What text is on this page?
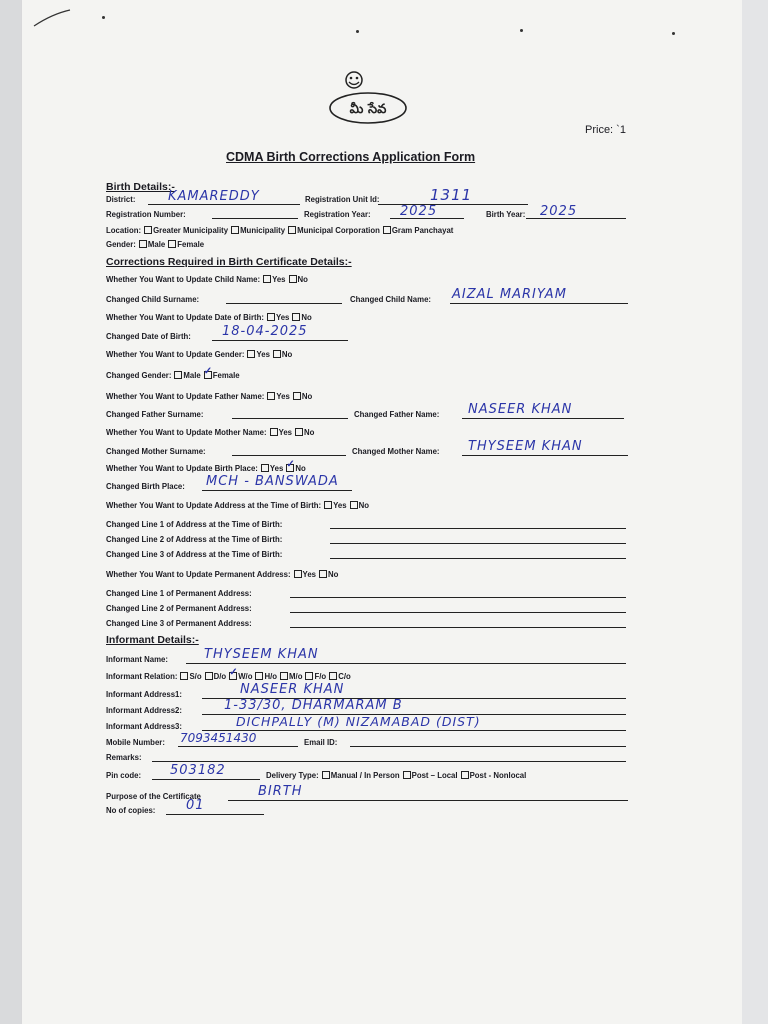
మీ సేవ
Price: `1
CDMA Birth Corrections Application Form
Birth Details:-
District:	KAMAREDDY	Registration Unit Id:	1311
Registration Number:	Registration Year: 2025	Birth Year: 2025
Location: Greater Municipality Municipality Municipal Corporation Gram Panchayat
Gender: Male Female
Corrections Required in Birth Certificate Details:-
Whether You Want to Update Child Name: Yes No
Changed Child Surname:	Changed Child Name: AIZAL MARIYAM
Whether You Want to Update Date of Birth: Yes No
Changed Date of Birth: 18-04-2025
Whether You Want to Update Gender: Yes No
Changed Gender: Male ✓ Female
Whether You Want to Update Father Name: Yes No
Changed Father Surname:	Changed Father Name: NASEER KHAN
Whether You Want to Update Mother Name: Yes No
Changed Mother Surname:	Changed Mother Name: THYSEEM KHAN
Whether You Want to Update Birth Place: Yes ✓ No
Changed Birth Place: MCH - BANSWADA
Whether You Want to Update Address at the Time of Birth: Yes No
Changed Line 1 of Address at the Time of Birth:
Changed Line 2 of Address at the Time of Birth:
Changed Line 3 of Address at the Time of Birth:
Whether You Want to Update Permanent Address: Yes No
Changed Line 1 of Permanent Address:
Changed Line 2 of Permanent Address:
Changed Line 3 of Permanent Address:
Informant Details:-
Informant Name:	THYSEEM KHAN
Informant Relation: S/o D/o ✓ W/o H/o M/o F/o C/o
Informant Address1:	NASEER KHAN
Informant Address2:	1-33/30, DHARMARAM B
Informant Address3:	DICHPALLY (M) NIZAMABAD (DIST)
Mobile Number: 7093451430	Email ID:
Remarks:
Pin code: 503182	Delivery Type: Manual / In Person Post – Local Post - Nonlocal
Purpose of the Certificate	BIRTH
No of copies: 01
